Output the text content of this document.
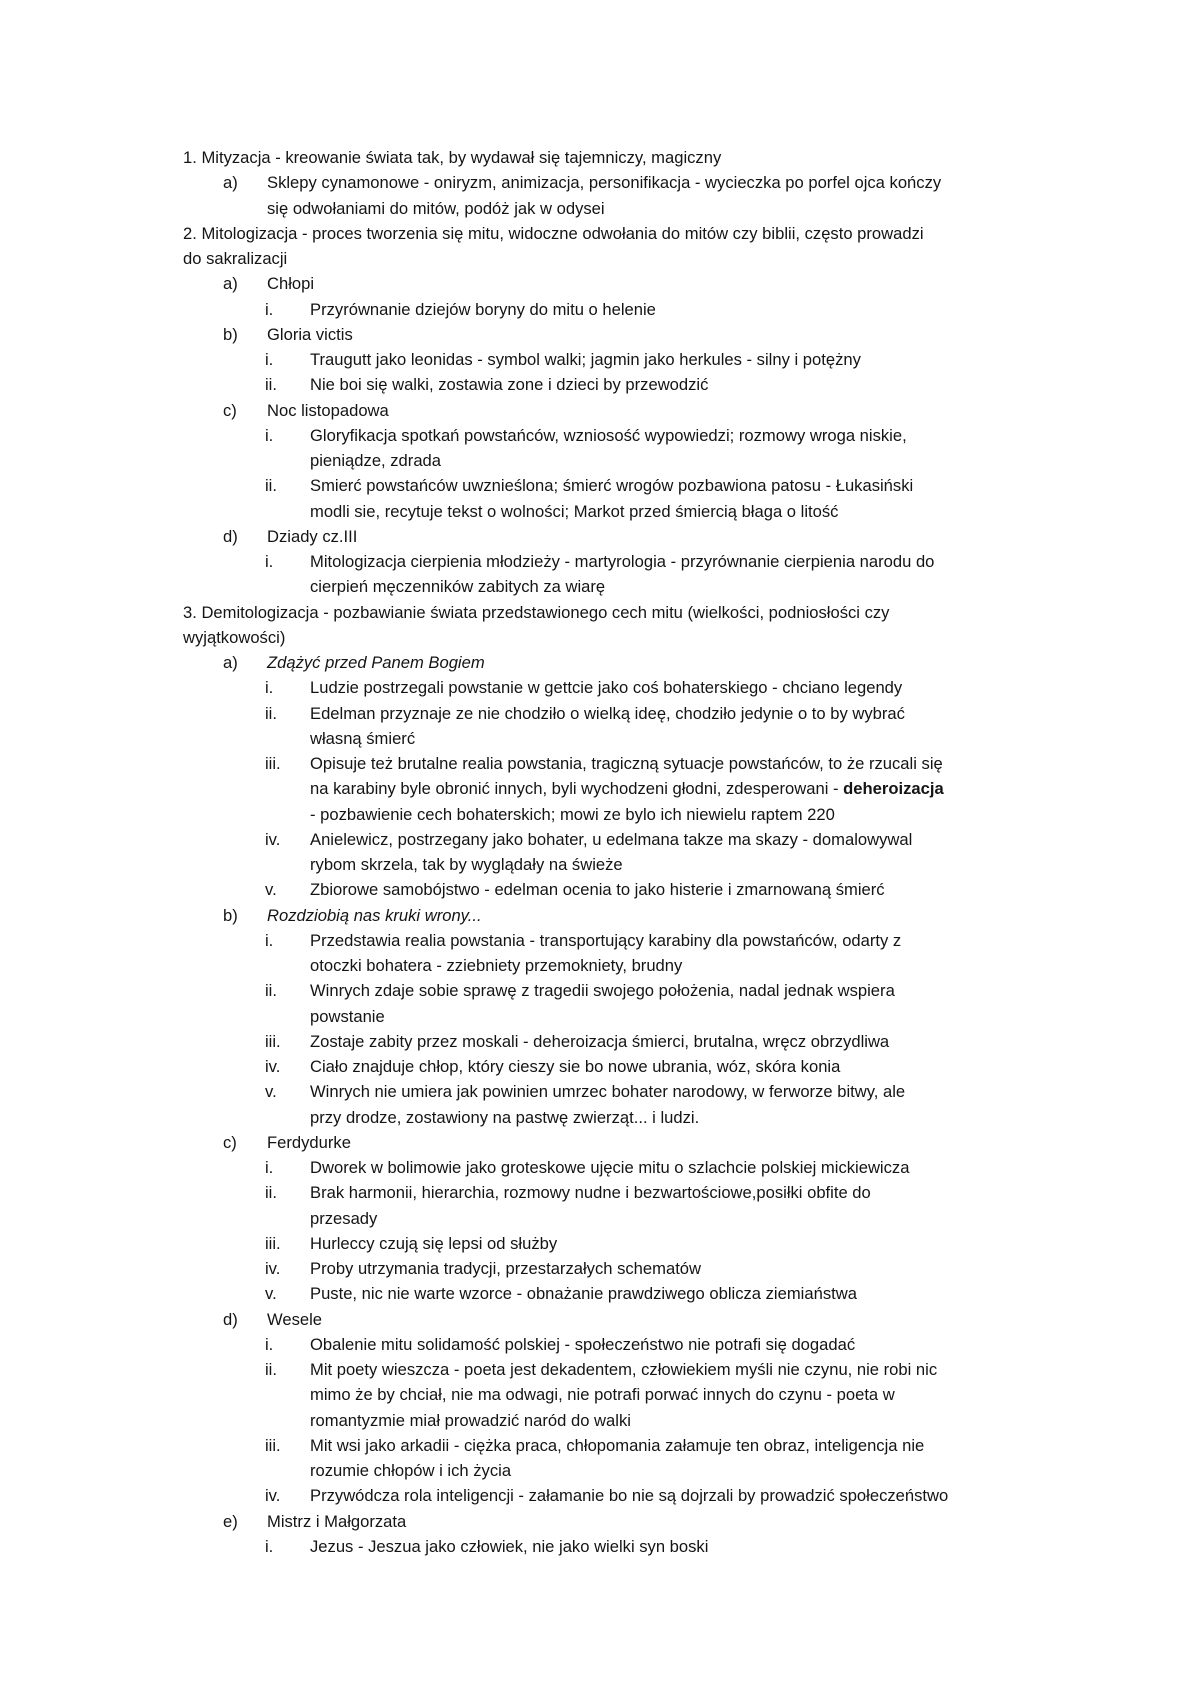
1. Mityzacja - kreowanie świata tak, by wydawał się tajemniczy, magiczny
a)	Sklepy cynamonowe - oniryzm, animizacja, personifikacja - wycieczka po porfel ojca kończy
się odwołaniami do mitów, podóż jak w odysei
2. Mitologizacja - proces tworzenia się mitu, widoczne odwołania do mitów czy biblii, często prowadzi
do sakralizacji
a)	Chłopi
i.	Przyrównanie dziejów boryny do mitu o helenie
b)	Gloria victis
i.	Traugutt jako leonidas - symbol walki; jagmin jako herkules - silny i potężny
ii.	Nie boi się walki, zostawia zone i dzieci by przewodzić
c)	Noc listopadowa
i.	Gloryfikacja spotkań powstańców, wzniosość wypowiedzi; rozmowy wroga niskie,
pieniądze, zdrada
ii.	Smierć powstańców uwznieślona; śmierć wrogów pozbawiona patosu - Łukasiński
modli sie, recytuje tekst o wolności; Markot przed śmiercią błaga o litość
d)	Dziady cz.III
i.	Mitologizacja cierpienia młodzieży - martyrologia - przyrównanie cierpienia narodu do
cierpień męczenników zabitych za wiarę
3. Demitologizacja - pozbawianie świata przedstawionego cech mitu (wielkości, podniosłości czy
wyjątkowości)
a)	Zdążyć przed Panem Bogiem
i.	Ludzie postrzegali powstanie w gettcie jako coś bohaterskiego - chciano legendy
ii.	Edelman przyznaje ze nie chodziło o wielką ideę, chodziło jedynie o to by wybrać
własną śmierć
iii.	Opisuje też brutalne realia powstania, tragiczną sytuacje powstańców, to że rzucali się
na karabiny byle obronić innych, byli wychodzeni głodni, zdesperowani - deheroizacja
- pozbawienie cech bohaterskich; mowi ze bylo ich niewielu raptem 220
iv.	Anielewicz, postrzegany jako bohater, u edelmana takze ma skazy - domalowywal
rybom skrzela, tak by wyglądały na świeże
v.	Zbiorowe samobójstwo - edelman ocenia to jako histerie i zmarnowaną śmierć
b)	Rozdziobią nas kruki wrony...
i.	Przedstawia realia powstania - transportujący karabiny dla powstańców, odarty z
otoczki bohatera - zziebniety przemokniety, brudny
ii.	Winrych zdaje sobie sprawę z tragedii swojego położenia, nadal jednak wspiera
powstanie
iii.	Zostaje zabity przez moskali - deheroizacja śmierci, brutalna, wręcz obrzydliwa
iv.	Ciało znajduje chłop, który cieszy sie bo nowe ubrania, wóz, skóra konia
v.	Winrych nie umiera jak powinien umrzec bohater narodowy, w ferworze bitwy, ale
przy drodze, zostawiony na pastwę zwierząt... i ludzi.
c)	Ferdydurke
i.	Dworek w bolimowie jako groteskowe ujęcie mitu o szlachcie polskiej mickiewicza
ii.	Brak harmonii, hierarchia, rozmowy nudne i bezwartościowe,posiłki obfite do
przesady
iii.	Hurleccy czują się lepsi od służby
iv.	Proby utrzymania tradycji, przestarzałych schematów
v.	Puste, nic nie warte wzorce - obnażanie prawdziwego oblicza ziemiaństwa
d)	Wesele
i.	Obalenie mitu solidamość polskiej - społeczeństwo nie potrafi się dogadać
ii.	Mit poety wieszcza - poeta jest dekadentem, człowiekiem myśli nie czynu, nie robi nic
mimo że by chciał, nie ma odwagi, nie potrafi porwać innych do czynu - poeta w
romantyzmie miał prowadzić naród do walki
iii.	Mit wsi jako arkadii - ciężka praca, chłopomania załamuje ten obraz, inteligencja nie
rozumie chłopów i ich życia
iv.	Przywódcza rola inteligencji - załamanie bo nie są dojrzali by prowadzić społeczeństwo
e)	Mistrz i Małgorzata
i.	Jezus - Jeszua jako człowiek, nie jako wielki syn boski
